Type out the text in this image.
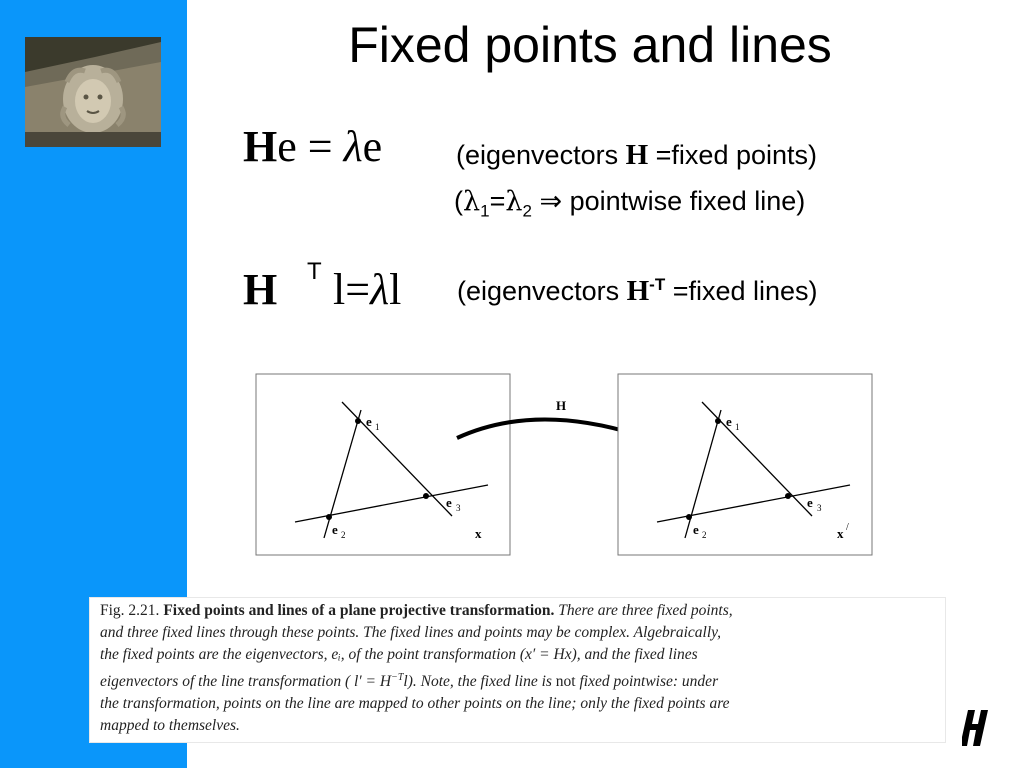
Fixed points and lines
He = λe	(eigenvectors H =fixed points)
($\lambda_1=\lambda_2$ ⇒ pointwise fixed line)
H T l=λl (eigenvectors $H^{-T}$ =fixed lines)
e 1
e 2
e 3
x
H
e 1
e 2
e 3
x /
Fig. 2.21. Fixed points and lines of a plane projective transformation. There are three fixed points,
and three fixed lines through these points. The fixed lines and points may be complex. Algebraically,
the fixed points are the eigenvectors, eᵢ, of the point transformation (x′ = Hx), and the fixed lines
eigenvectors of the line transformation ( $l' = H^{-T}l$). Note, the fixed line is not fixed pointwise: under
the transformation, points on the line are mapped to other points on the line; only the fixed points are
mapped to themselves.
